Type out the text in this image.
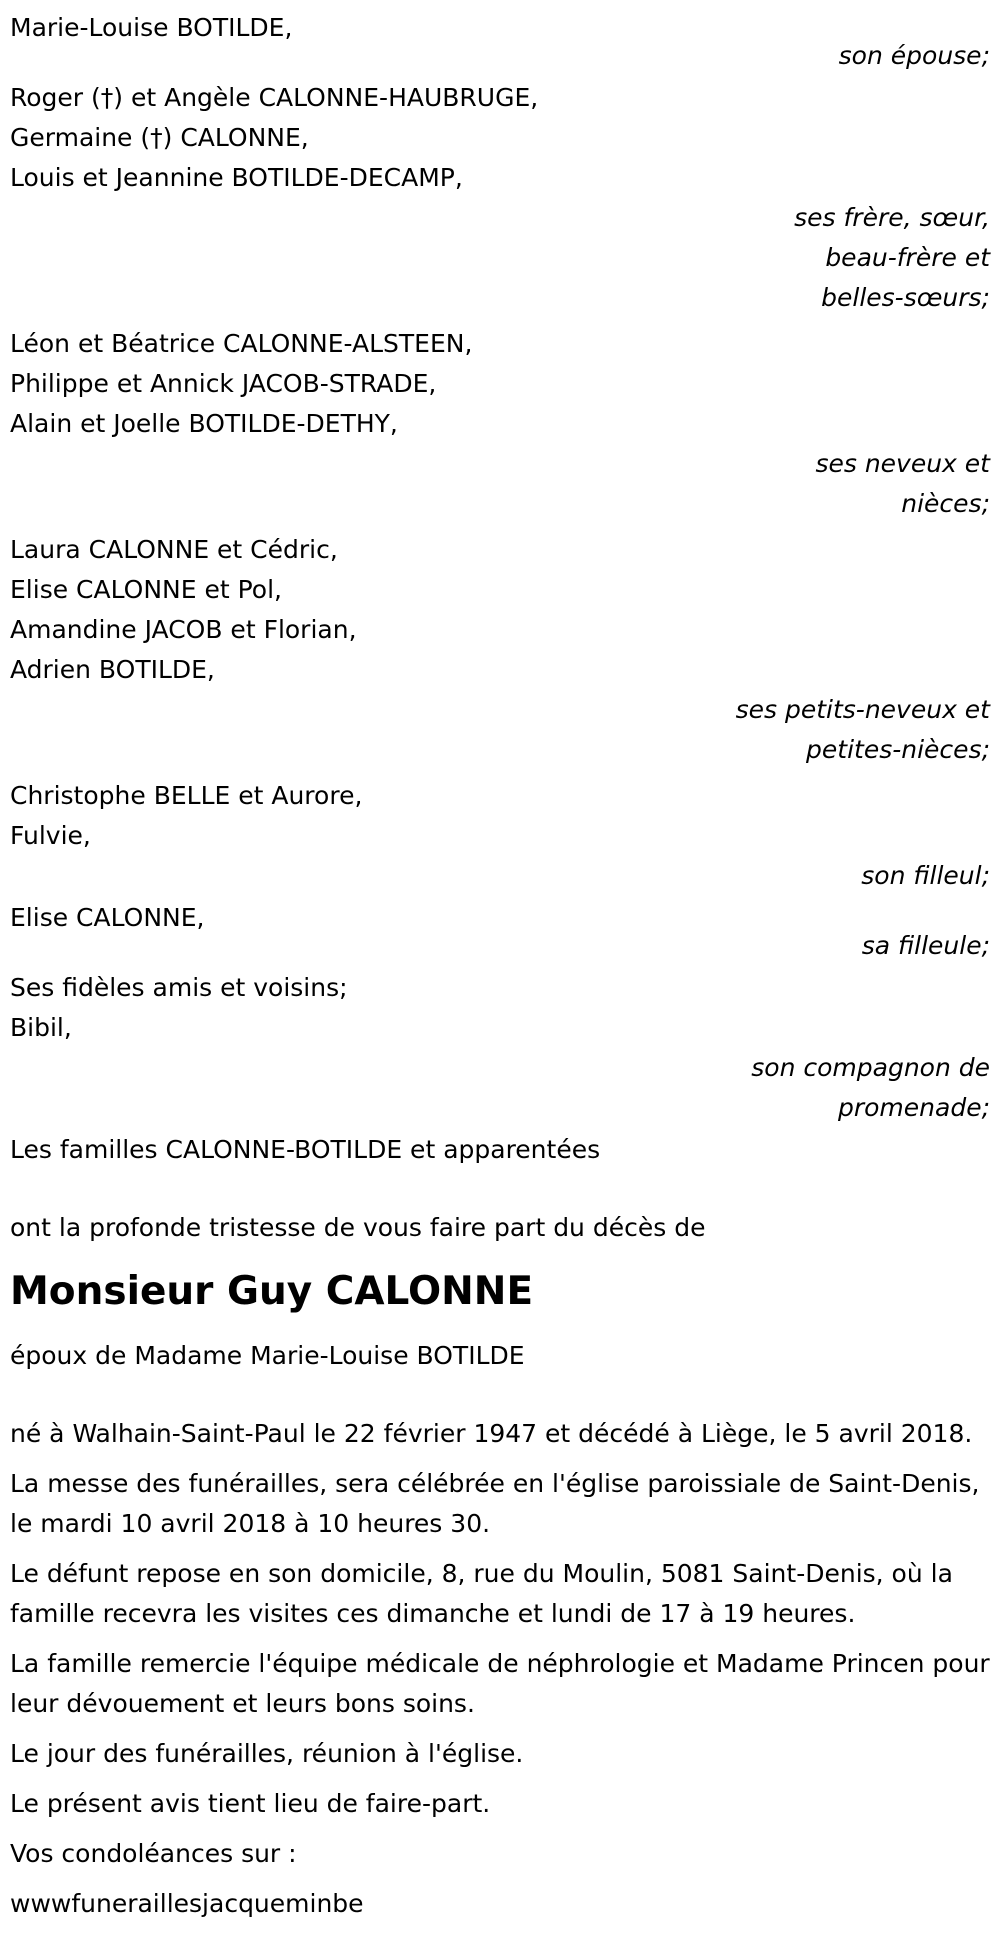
Marie-Louise BOTILDE,
son épouse;
Roger (†) et Angèle CALONNE-HAUBRUGE,
Germaine (†) CALONNE,
Louis et Jeannine BOTILDE-DECAMP,
ses frère, sœur,
beau-frère et
belles-sœurs;
Léon et Béatrice CALONNE-ALSTEEN,
Philippe et Annick JACOB-STRADE,
Alain et Joelle BOTILDE-DETHY,
ses neveux et
nièces;
Laura CALONNE et Cédric,
Elise CALONNE et Pol,
Amandine JACOB et Florian,
Adrien BOTILDE,
ses petits-neveux et
petites-nièces;
Christophe BELLE et Aurore,
Fulvie,
son filleul;
Elise CALONNE,
sa filleule;
Ses fidèles amis et voisins;
Bibil,
son compagnon de
promenade;
Les familles CALONNE-BOTILDE et apparentées
ont la profonde tristesse de vous faire part du décès de
Monsieur Guy CALONNE
époux de Madame Marie-Louise BOTILDE
né à Walhain-Saint-Paul le 22 février 1947 et décédé à Liège, le 5 avril 2018.
La messe des funérailles, sera célébrée en l'église paroissiale de Saint-Denis, le mardi 10 avril 2018 à 10 heures 30.
Le défunt repose en son domicile, 8, rue du Moulin, 5081 Saint-Denis, où la famille recevra les visites ces dimanche et lundi de 17 à 19 heures.
La famille remercie l'équipe médicale de néphrologie et Madame Princen pour leur dévouement et leurs bons soins.
Le jour des funérailles, réunion à l'église.
Le présent avis tient lieu de faire-part.
Vos condoléances sur :
wwwfuneraillesjacqueminbe
